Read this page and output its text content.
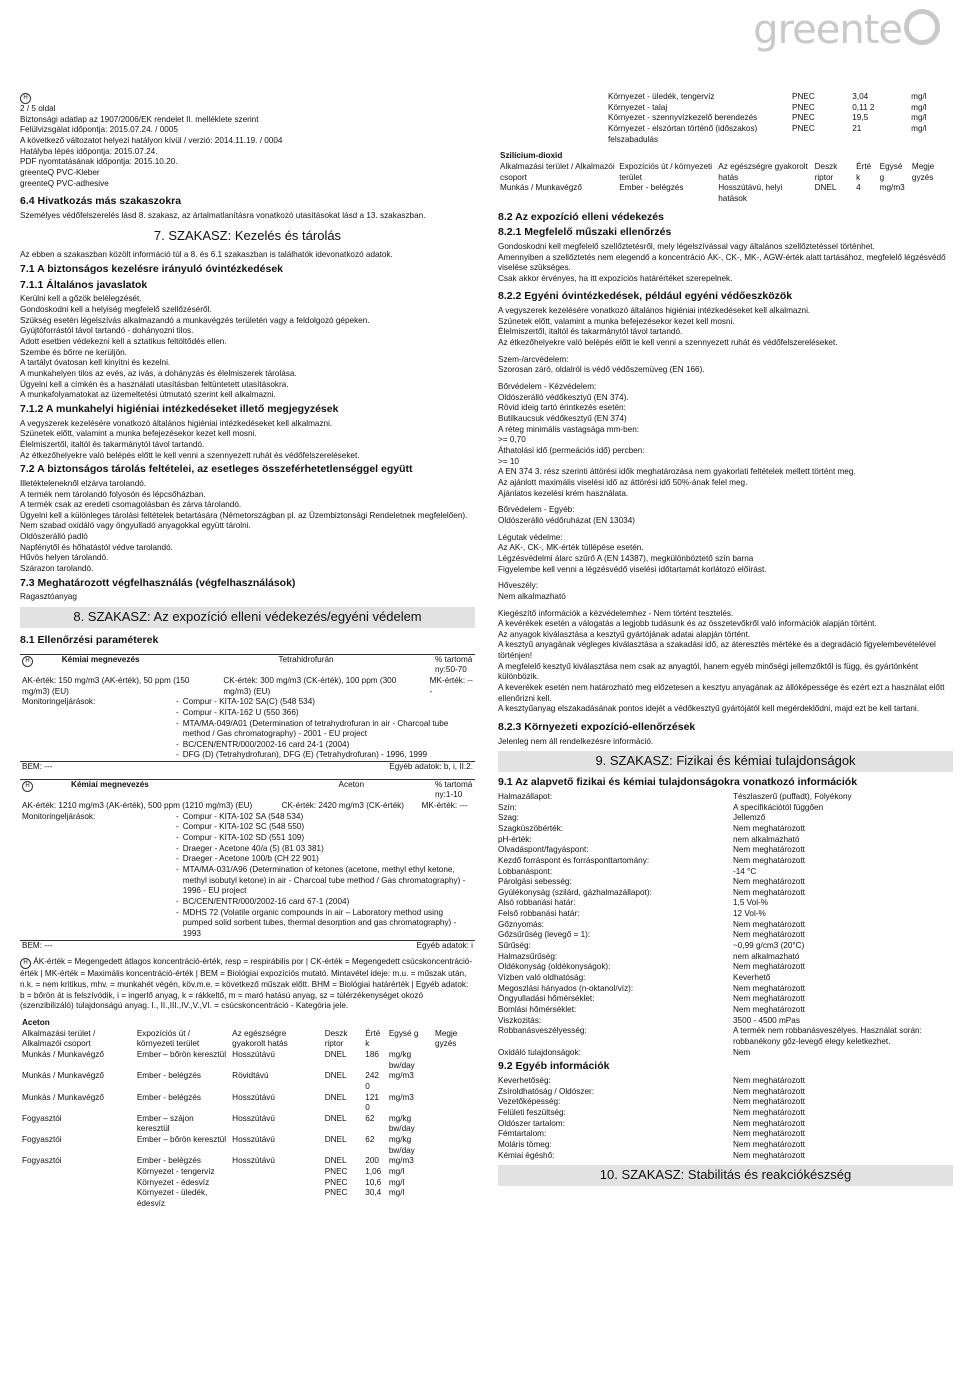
greente
H
2 / 5 oldal
Biztonsági adatlap az 1907/2006/EK rendelet II. melléklete szerint
Felülvizsgálat időpontja: 2015.07.24. / 0005
A következő változatot helyezi hatályon kívül / verzió: 2014.11.19. / 0004
Hatályba lépés időpontja: 2015.07.24.
PDF nyomtatásának időpontja: 2015.10.20.
greenteQ PVC-Kleber
greenteQ PVC-adhesive

6.4 Hivatkozás más szakaszokra

Személyes védőfelszerelés lásd 8. szakasz, az ártalmatlanításra vonatkozó utasításokat lásd a 13. szakaszban.

7. SZAKASZ: Kezelés és tárolás

Az ebben a szakaszban közölt információ túl a 8. és 6.1 szakaszban is találhatók idevonatkozó adatok.

7.1 A biztonságos kezelésre irányuló óvintézkedések

7.1.1 Általános javaslatok

Kerülni kell a gőzök belélegzését.
Gondoskodni kell a helyiség megfelelő szellőzéséről.
Szükség esetén légelszívás alkalmazandó a munkavégzés területén vagy a feldolgozó gépeken.
Gyújtóforrástól távol tartandó - dohányozni tilos.
Adott esetben védekezni kell a sztatikus feltöltődés ellen.
Szembe és bőrre ne kerüljön.
A tartályt óvatosan kell kinyitni és kezelni.
A munkahelyen tilos az evés, az ivás, a dohányzás és élelmiszerek tárolása.
Ügyelni kell a címkén és a használati utasításban feltüntetett utasításokra.
A munkafolyamatokat az üzemeltetési útmutató szerint kell alkalmazni.

7.1.2 A munkahelyi higiéniai intézkedéseket illető megjegyzések

A vegyszerek kezelésére vonatkozó általános higiéniai intézkedéseket kell alkalmazni.
Szünetek előtt, valamint a munka befejezésekor kezet kell mosni.
Élelmiszertől, italtól és takarmánytól távol tartandó.
Az étkezőhelyekre való belépés előtt le kell venni a szennyezett ruhát és védőfelszereléseket.

7.2 A biztonságos tárolás feltételei, az esetleges összeférhetetlenséggel együtt

Illetékteleneknől elzárva tarolandó.
A termék nem tárolandó folyosón és lépcsőházban.
A termék csak az eredeti csomagolásban és zárva tárolandó.
Ügyelni kell a különleges tárolási feltételek betartására (Németországban pl. az Üzembiztonsági Rendeletnek megfelelően).
Nem szabad oxidáló vagy öngyulladó anyagokkal együtt tárolni.
Oldószerálló padló
Napfénytől és hőhatástól védve tarolandó.
Hűvös helyen tárolandó.
Szárazon tarolandó.

7.3 Meghatározott végfelhasználás (végfelhasználások)

Ragasztóanyag

8. SZAKASZ: Az expozíció elleni védekezés/egyéni védelem

8.1 Ellenőrzési paraméterek

H	Kémiai megnevezés	Tetrahidrofurán	% tartomá ny:50-70
AK-érték: 150 mg/m3 (AK-érték), 50 ppm (150 mg/m3) (EU)	CK-érték: 300 mg/m3 (CK-érték), 100 ppm (300 mg/m3) (EU)	MK-érték: ---
Monitoringeljárások:	-	Compur - KITA-102 SA(C) (548 534)
	-	Compur - KITA-162 U (550 366)
	-	MTA/MA-049/A01 (Determination of tetrahydrofuran in air - Charcoal tube method / Gas chromatography) - 2001 - EU project
	-	BC/CEN/ENTR/000/2002-16 card 24-1 (2004)
	-	DFG (D) (Tetrahydrofuran), DFG (E) (Tetrahydrofuran) - 1996, 1999
BEM: ---	Egyéb adatok: b, i, II.2.
H	Kémiai megnevezés	Aceton	% tartomá ny:1-10
AK-érték: 1210 mg/m3 (AK-érték), 500 ppm (1210 mg/m3) (EU)	CK-érték: 2420 mg/m3 (CK-érték)	MK-érték: ---
Monitoringeljárások:	-	Compur - KITA-102 SA (548 534)
	-	Compur - KITA-102 SC (548 550)
	-	Compur - KITA-102 SD (551 109)
	-	Draeger - Acetone 40/a (5) (81 03 381)
	-	Draeger - Acetone 100/b (CH 22 901)
	-	MTA/MA-031/A96 (Determination of ketones (acetone, methyl ethyl ketone, methyl isobutyl ketone) in air - Charcoal tube method / Gas chromatography) - 1996 - EU project
	-	BC/CEN/ENTR/000/2002-16 card 67-1 (2004)
	-	MDHS 72 (Volatile organic compounds in air – Laboratory method using pumped solid sorbent tubes, thermal desorption and gas chromatography) - 1993
BEM: ---	Egyéb adatok: i

H ÁK-érték = Megengedett átlagos koncentráció-érték, resp = respirábilis por | CK-érték = Megengedett csúcskoncentráció-érték | MK-érték = Maximális koncentráció-érték | BEM = Biológiai expozíciós mutató. Mintavétel ideje: m.u. = műszak után, n.k. = nem kritikus, mhv. = munkahét végén, köv.m.e. = következő műszak előtt. BHM = Biológiai határérték | Egyéb adatok: b = bőrön át is felszívódik, i = ingerlő anyag, k = rákkeltő, m = maró hatású anyag, sz = túlérzékenységet okozó (szenzibilizáló) tulajdonságú anyag. I., II.,III.,IV.,V.,VI. = csúcskoncentráció - Kategória jele.

Aceton						
Alkalmazási terület / Alkalmazói csoport	Expozíciós út / környezeti terület	Az egészségre gyakorolt hatás	Deszk riptor	Érté k	Egysé g	Megje gyzés
Munkás / Munkavégző	Ember – bőrön keresztül	Hosszútávú	DNEL	186	mg/kg bw/day	
Munkás / Munkavégző	Ember - belégzés	Rövidtávú	DNEL	242 0	mg/m3	
Munkás / Munkavégző	Ember - belégzés	Hosszútávú	DNEL	121 0	mg/m3	
Fogyasztói	Ember – szájon keresztül	Hosszútávú	DNEL	62	mg/kg bw/day	
Fogyasztói	Ember – bőrön keresztül	Hosszútávú	DNEL	62	mg/kg bw/day	
Fogyasztói	Ember - belégzés	Hosszútávú	DNEL	200	mg/m3	
	Környezet - tengervíz		PNEC	1,06	mg/l	
	Környezet - édesvíz		PNEC	10,6	mg/l	
	Környezet - üledék, édesvíz		PNEC	30,4	mg/l	
		Környezet - üledék, tengervíz	PNEC	3,04	mg/l
		Környezet - talaj	PNEC	0,11 2	mg/l
		Környezet - szennyvízkezelő berendezés	PNEC	19,5	mg/l
		Környezet - elszórtan történő (időszakos) felszabadulás	PNEC	21	mg/l
Szilícium-dioxid						
Alkalmazási terület / Alkalmazói csoport	Expozíciós út / környezeti terület	Az egészségre gyakorolt hatás	Deszk riptor	Érté k	Egysé g	Megje gyzés
Munkás / Munkavégző	Ember - belégzés	Hosszútávú, helyi hatások	DNEL	4	mg/m3	

8.2 Az expozíció elleni védekezés

8.2.1 Megfelelő műszaki ellenőrzés

Gondoskodni kell megfelelő szellőztetésről, mely légelszívással vagy általános szellőztetéssel történhet.
Amennyiben a szellőztetés nem elegendő a koncentráció ÁK-, CK-, MK-, AGW-érték alatt tartásához, megfelelő légzésvédő viselése szükséges.
Csak akkor érvényes, ha itt expozíciós határértéket szerepelnek.

8.2.2 Egyéni óvintézkedések, például egyéni védőeszközök

A vegyszerek kezelésére vonatkozó általános higiéniai intézkedéseket kell alkalmazni.
Szünetek előtt, valamint a munka befejezésekor kezet kell mosni.
Élelmiszertől, italtól és takarmánytól távol tartandó.
Az étkezőhelyekre való belépés előtt le kell venni a szennyezett ruhát és védőfelszereléseket.
Szem-/arcvédelem:
Szorosan záró, oldalról is védő védőszemüveg (EN 166).
Bőrvédelem - Kézvédelem:
Oldószerálló védőkesztyű (EN 374).
Rövid ideig tartó érintkezés esetén:
Butilkaucsuk védőkesztyű (EN 374)
A réteg minimális vastagsága mm-ben:
>= 0,70
Áthatolási idő (permeációs idő) percben:
>= 10
A EN 374 3. rész szerinti áttörési idők meghatározása nem gyakorlati feltételek mellett történt meg.
Az ajánlott maximális viselési idő az áttörési idő 50%-ának felel meg.
Ajánlatos kezelési krém használata.
Bőrvédelem - Egyéb:
Oldószerálló védőruházat (EN 13034)
Légutak védelme:
Az AK-, CK-, MK-érték túllépése esetén.
Légzésvédelmi álarc szűrő A (EN 14387), megkülönböztető szín barna
Figyelembe kell venni a légzésvédő viselési időtartamát korlátozó előírást.
Hőveszély:
Nem alkalmazható
Kiegészítő információk a kézvédelemhez - Nem történt tesztelés.
A kevérékek esetén a válogatás a legjobb tudásunk és az összetevőkről való információk alapján történt.
Az anyagok kiválasztása a kesztyű gyártójának adatai alapján történt.
A kesztyű anyagának végleges kiválasztása a szakadási idő, az áteresztés mértéke és a degradáció figyelembevételével történjen!
A megfelelő kesztyű kiválasztása nem csak az anyagtól, hanem egyéb minőségi jellemzőktől is függ, és gyártónként különbözik.
A keverékek esetén nem határozható meg előzetesen a kesztyu anyagának az állóképessége és ezért ezt a használat előtt ellenőrizni kell.
A kesztyűanyag elszakadásának pontos idejét a védőkesztyű gyártójától kell megérdeklődni, majd ezt be kell tartani.

8.2.3 Környezeti expozíció-ellenőrzések

Jelenleg nem áll rendelkezésre információ.

9. SZAKASZ: Fizikai és kémiai tulajdonságok

9.1 Az alapvető fizikai és kémiai tulajdonságokra vonatkozó információk

Halmazállapot:	Tészlaszerű (puffadt), Folyékony
Szín:	A specifikációtól függően
Szag:	Jellemző
Szagküszöbérték:	Nem meghatározott
pH-érték:	nem alkalmazható
Olvadáspont/fagyáspont:	Nem meghatározott
Kezdő forráspont és forrásponttartomány:	Nem meghatározott
Lobbanáspont:	-14 °C
Párolgási sebesség:	Nem meghatározott
Gyúlékonyság (szilárd, gázhalmazállapot):	Nem meghatározott
Alsó robbanási határ:	1,5 Vol-%
Felső robbanási határ:	12 Vol-%
Gőznyomás:	Nem meghatározott
Gőzsűrűség (levegő = 1):	Nem meghatározott
Sűrűség:	~0,99 g/cm3 (20°C)
Halmazsűrűség:	nem alkalmazható
Oldékonyság (oldékonyságok):	Nem meghatározott
Vízben való oldhatóság:	Keverhető
Megoszlási hányados (n-oktanol/víz):	Nem meghatározott
Öngyulladási hőmérséklet:	Nem meghatározott
Bomlási hőmérséklet:	Nem meghatározott
Viszkozitás:	3500 - 4500 mPas
Robbanásveszélyesség:	A termék nem robbanásveszélyes. Használat során: robbanékony gőz-levegő elegy keletkezhet.
Oxidáló tulajdonságok:	Nem

9.2 Egyéb információk

Keverhetőség:	Nem meghatározott
Zsíroldhatóság / Oldószer:	Nem meghatározott
Vezetőképesség:	Nem meghatározott
Felületi feszültség:	Nem meghatározott
Oldószer tartalom:	Nem meghatározott
Fémtartalom:	Nem meghatározott
Moláris tömeg:	Nem meghatározott
Kémiai égéshő:	Nem meghatározott

10. SZAKASZ: Stabilitás és reakciókészség
